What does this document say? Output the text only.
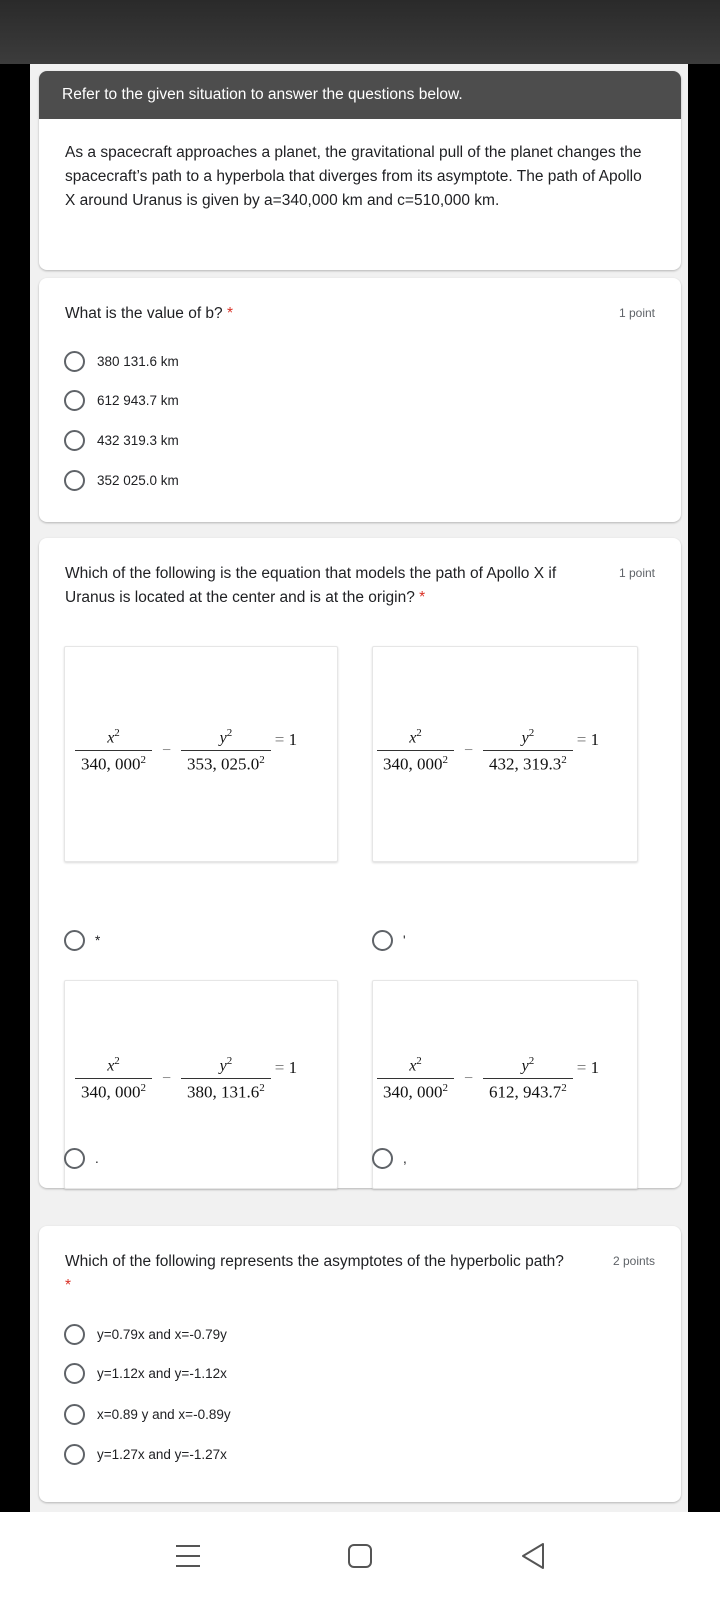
Refer to the given situation to answer the questions below.
As a spacecraft approaches a planet, the gravitational pull of the planet changes the spacecraft’s path to a hyperbola that diverges from its asymptote. The path of Apollo X around Uranus is given by a=340,000 km and c=510,000 km.
What is the value of b? *	1 point
380 131.6 km
612 943.7 km
432 319.3 km
352 025.0 km
Which of the following is the equation that models the path of Apollo X if Uranus is located at the center and is at the origin? *
1 point
$\frac{x^2}{340, 000^2} - \frac{y^2}{353, 025.0^2} = 1$
*
$\frac{x^2}{340, 000^2} - \frac{y^2}{432, 319.3^2} = 1$
'
$\frac{x^2}{340, 000^2} - \frac{y^2}{380, 131.6^2} = 1$	$\frac{x^2}{340, 000^2} - \frac{y^2}{612, 943.7^2} = 1$
.	,
Which of the following represents the asymptotes of the hyperbolic path?
*
2 points
y=0.79x and x=-0.79y
y=1.12x and y=-1.12x
x=0.89 y and x=-0.89y
y=1.27x and y=-1.27x
